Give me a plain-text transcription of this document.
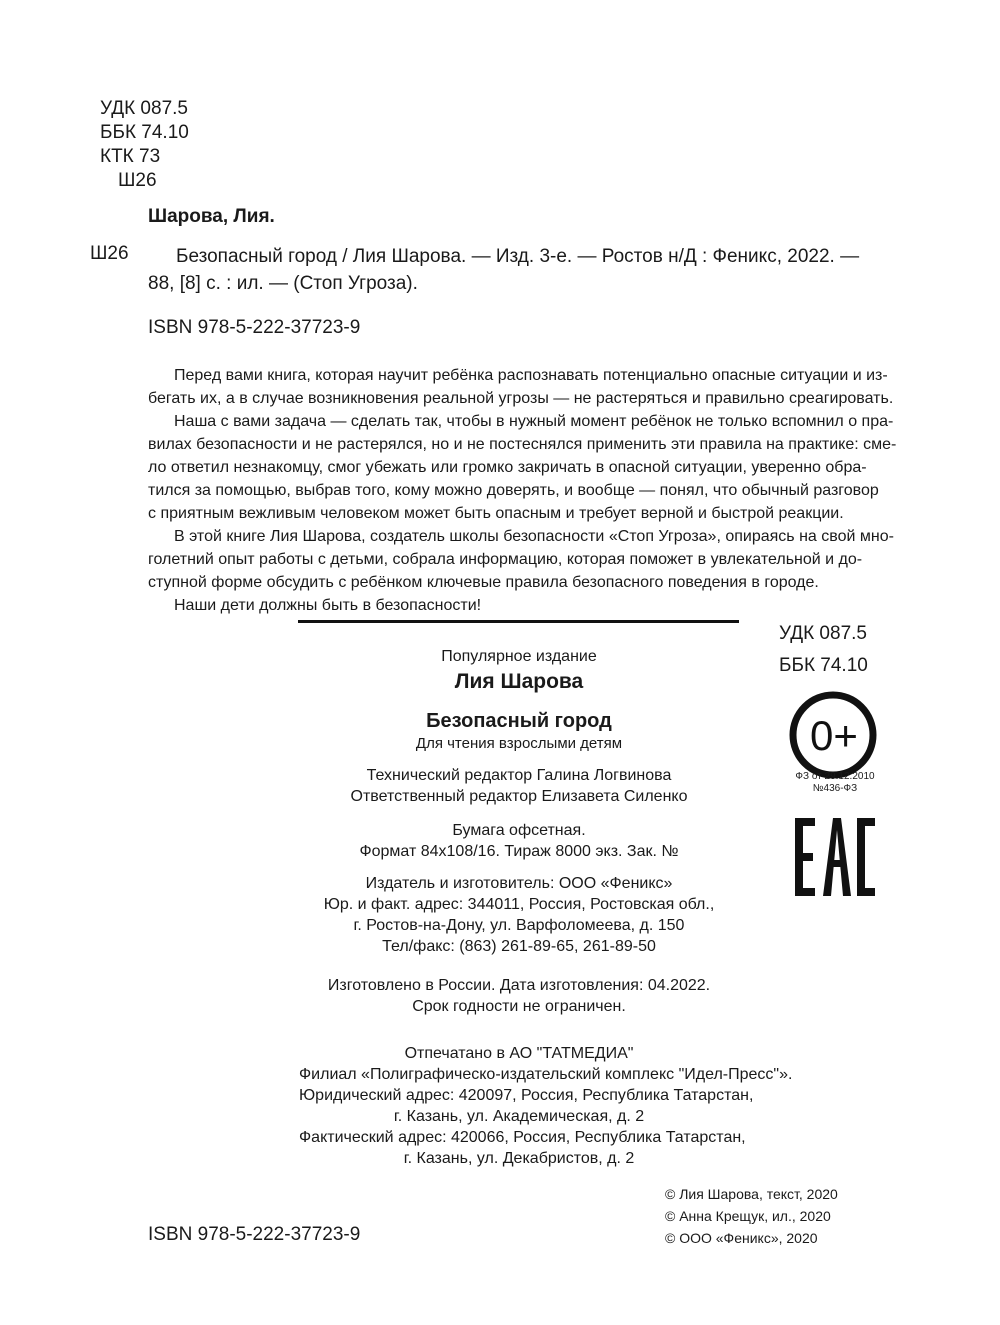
УДК 087.5
ББК 74.10
КТК 73
Ш26
Шарова, Лия.
Ш26	Безопасный город / Лия Шарова. — Изд. 3-е. — Ростов н/Д : Феникс, 2022. —
88, [8] с. : ил. — (Стоп Угроза).
ISBN 978-5-222-37723-9
Перед вами книга, которая научит ребёнка распознавать потенциально опасные ситуации и из-
бегать их, а в случае возникновения реальной угрозы — не растеряться и правильно среагировать.
Наша с вами задача — сделать так, чтобы в нужный момент ребёнок не только вспомнил о пра-
вилах безопасности и не растерялся, но и не постеснялся применить эти правила на практике: сме-
ло ответил незнакомцу, смог убежать или громко закричать в опасной ситуации, уверенно обра-
тился за помощью, выбрав того, кому можно доверять, и вообще — понял, что обычный разговор
с приятным вежливым человеком может быть опасным и требует верной и быстрой реакции.
В этой книге Лия Шарова, создатель школы безопасности «Стоп Угроза», опираясь на свой мно-
голетний опыт работы с детьми, собрала информацию, которая поможет в увлекательной и до-
ступной форме обсудить с ребёнком ключевые правила безопасного поведения в городе.
Наши дети должны быть в безопасности!
Популярное издание
Лия Шарова
Безопасный город
Для чтения взрослыми детям
Технический редактор Галина Логвинова
Ответственный редактор Елизавета Силенко
Бумага офсетная.
Формат 84x108/16. Тираж 8000 экз. Зак. №
Издатель и изготовитель: ООО «Феникс»
Юр. и факт. адрес: 344011, Россия, Ростовская обл.,
г. Ростов-на-Дону, ул. Варфоломеева, д. 150
Тел/факс: (863) 261-89-65, 261-89-50
Изготовлено в России. Дата изготовления: 04.2022.
Срок годности не ограничен.
Отпечатано в АО "ТАТМЕДИА"
Филиал «Полиграфическо-издательский комплекс "Идел-Пресс"».
Юридический адрес: 420097, Россия, Республика Татарстан,
г. Казань, ул. Академическая, д. 2
Фактический адрес: 420066, Россия, Республика Татарстан,
г. Казань, ул. Декабристов, д. 2
УДК 087.5
ББК 74.10
0+
ФЗ от 29.12.2010
№436-ФЗ
© Лия Шарова, текст, 2020
© Анна Крещук, ил., 2020
© ООО «Феникс», 2020
ISBN 978-5-222-37723-9
